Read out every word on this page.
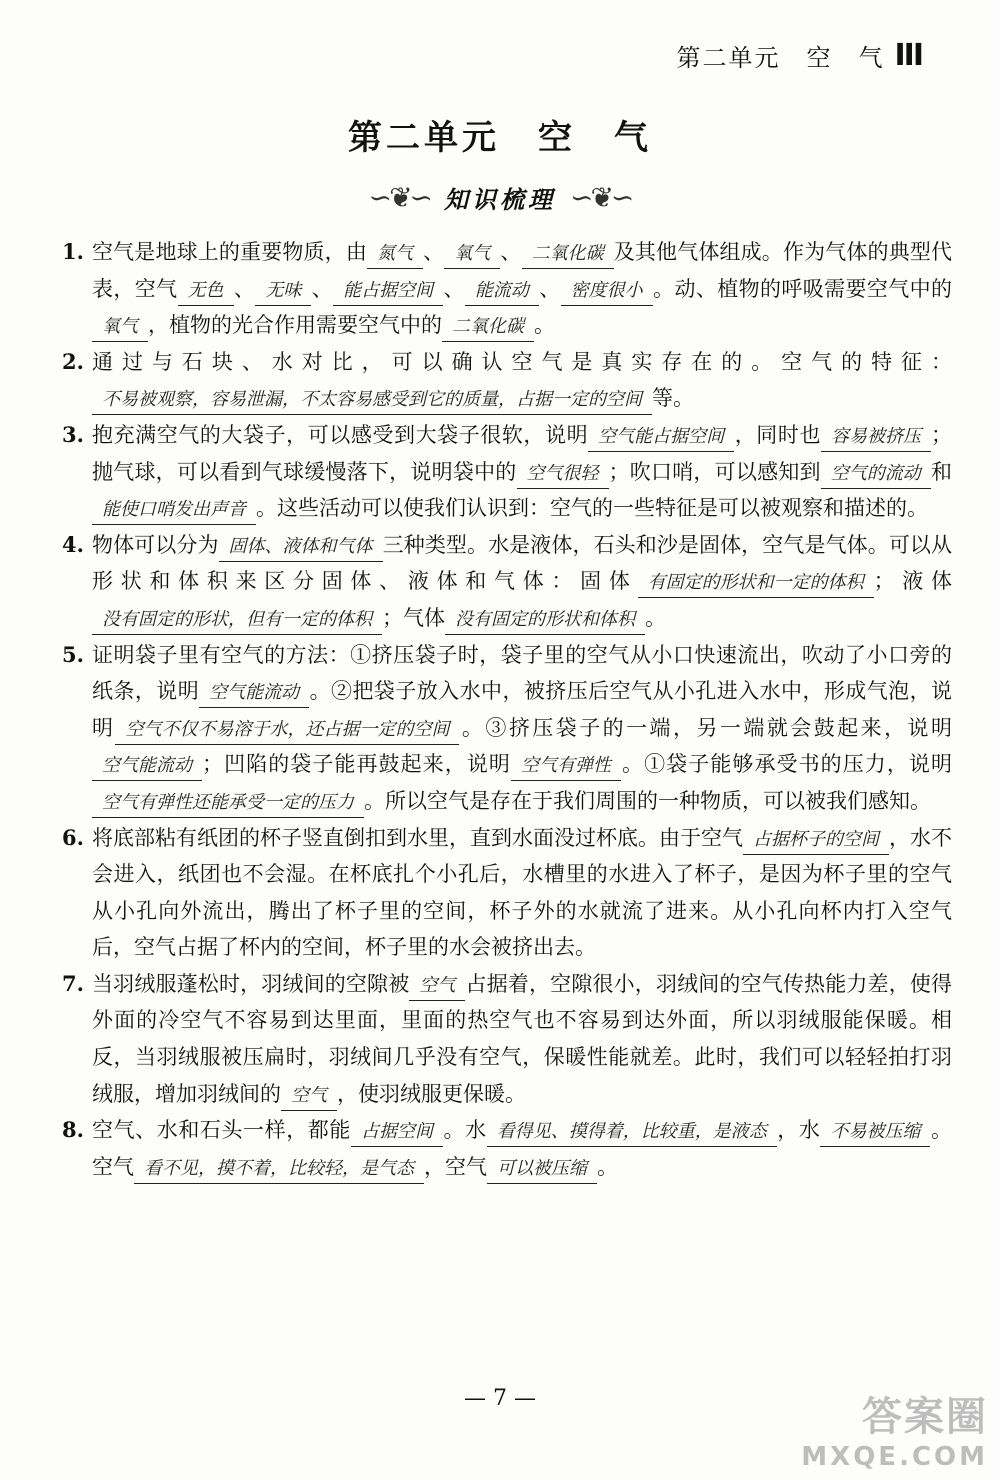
第二单元　空　气 III
第二单元　空　气
∽❦∽ 知识梳理 ∽❦∽
1. 空气是地球上的重要物质，由 氮气 、 氧气 、 二氧化碳 及其他气体组成。作为气体的典型代表，空气 无色 、 无味 、 能占据空间 、 能流动 、 密度很小 。动、植物的呼吸需要空气中的氧气 ，植物的光合作用需要空气中的 二氧化碳 。
2. 通过与石块、水对比，可以确认空气是真实存在的。空气的特征：不易被观察，容易泄漏，不太容易感受到它的质量，占据一定的空间 等。
3. 抱充满空气的大袋子，可以感受到大袋子很软，说明 空气能占据空间 ，同时也 容易被挤压 ；抛气球，可以看到气球缓慢落下，说明袋中的 空气很轻 ；吹口哨，可以感知到 空气的流动 和能使口哨发出声音 。这些活动可以使我们认识到：空气的一些特征是可以被观察和描述的。
4. 物体可以分为 固体、液体和气体 三种类型。水是液体，石头和沙是固体，空气是气体。可以从形状和体积来区分固体、液体和气体：固体 有固定的形状和一定的体积 ；液体没有固定的形状，但有一定的体积 ；气体 没有固定的形状和体积 。
5. 证明袋子里有空气的方法：①挤压袋子时，袋子里的空气从小口快速流出，吹动了小口旁的纸条，说明 空气能流动 。②把袋子放入水中，被挤压后空气从小孔进入水中，形成气泡，说明 空气不仅不易溶于水，还占据一定的空间 。③挤压袋子的一端，另一端就会鼓起来，说明空气能流动 ；凹陷的袋子能再鼓起来，说明 空气有弹性 。①袋子能够承受书的压力，说明空气有弹性还能承受一定的压力 。所以空气是存在于我们周围的一种物质，可以被我们感知。
6. 将底部粘有纸团的杯子竖直倒扣到水里，直到水面没过杯底。由于空气 占据杯子的空间 ，水不会进入，纸团也不会湿。在杯底扎个小孔后，水槽里的水进入了杯子，是因为杯子里的空气从小孔向外流出，腾出了杯子里的空间，杯子外的水就流了进来。从小孔向杯内打入空气后，空气占据了杯内的空间，杯子里的水会被挤出去。
7. 当羽绒服蓬松时，羽绒间的空隙被 空气 占据着，空隙很小，羽绒间的空气传热能力差，使得外面的冷空气不容易到达里面，里面的热空气也不容易到达外面，所以羽绒服能保暖。相反，当羽绒服被压扁时，羽绒间几乎没有空气，保暖性能就差。此时，我们可以轻轻拍打羽绒服，增加羽绒间的 空气 ，使羽绒服更保暖。
8. 空气、水和石头一样，都能 占据空间 。水 看得见、摸得着，比较重，是液态 ，水 不易被压缩 。空气 看不见，摸不着，比较轻，是气态 ，空气 可以被压缩 。
— 7 —	答案圈
MXQE.COM
